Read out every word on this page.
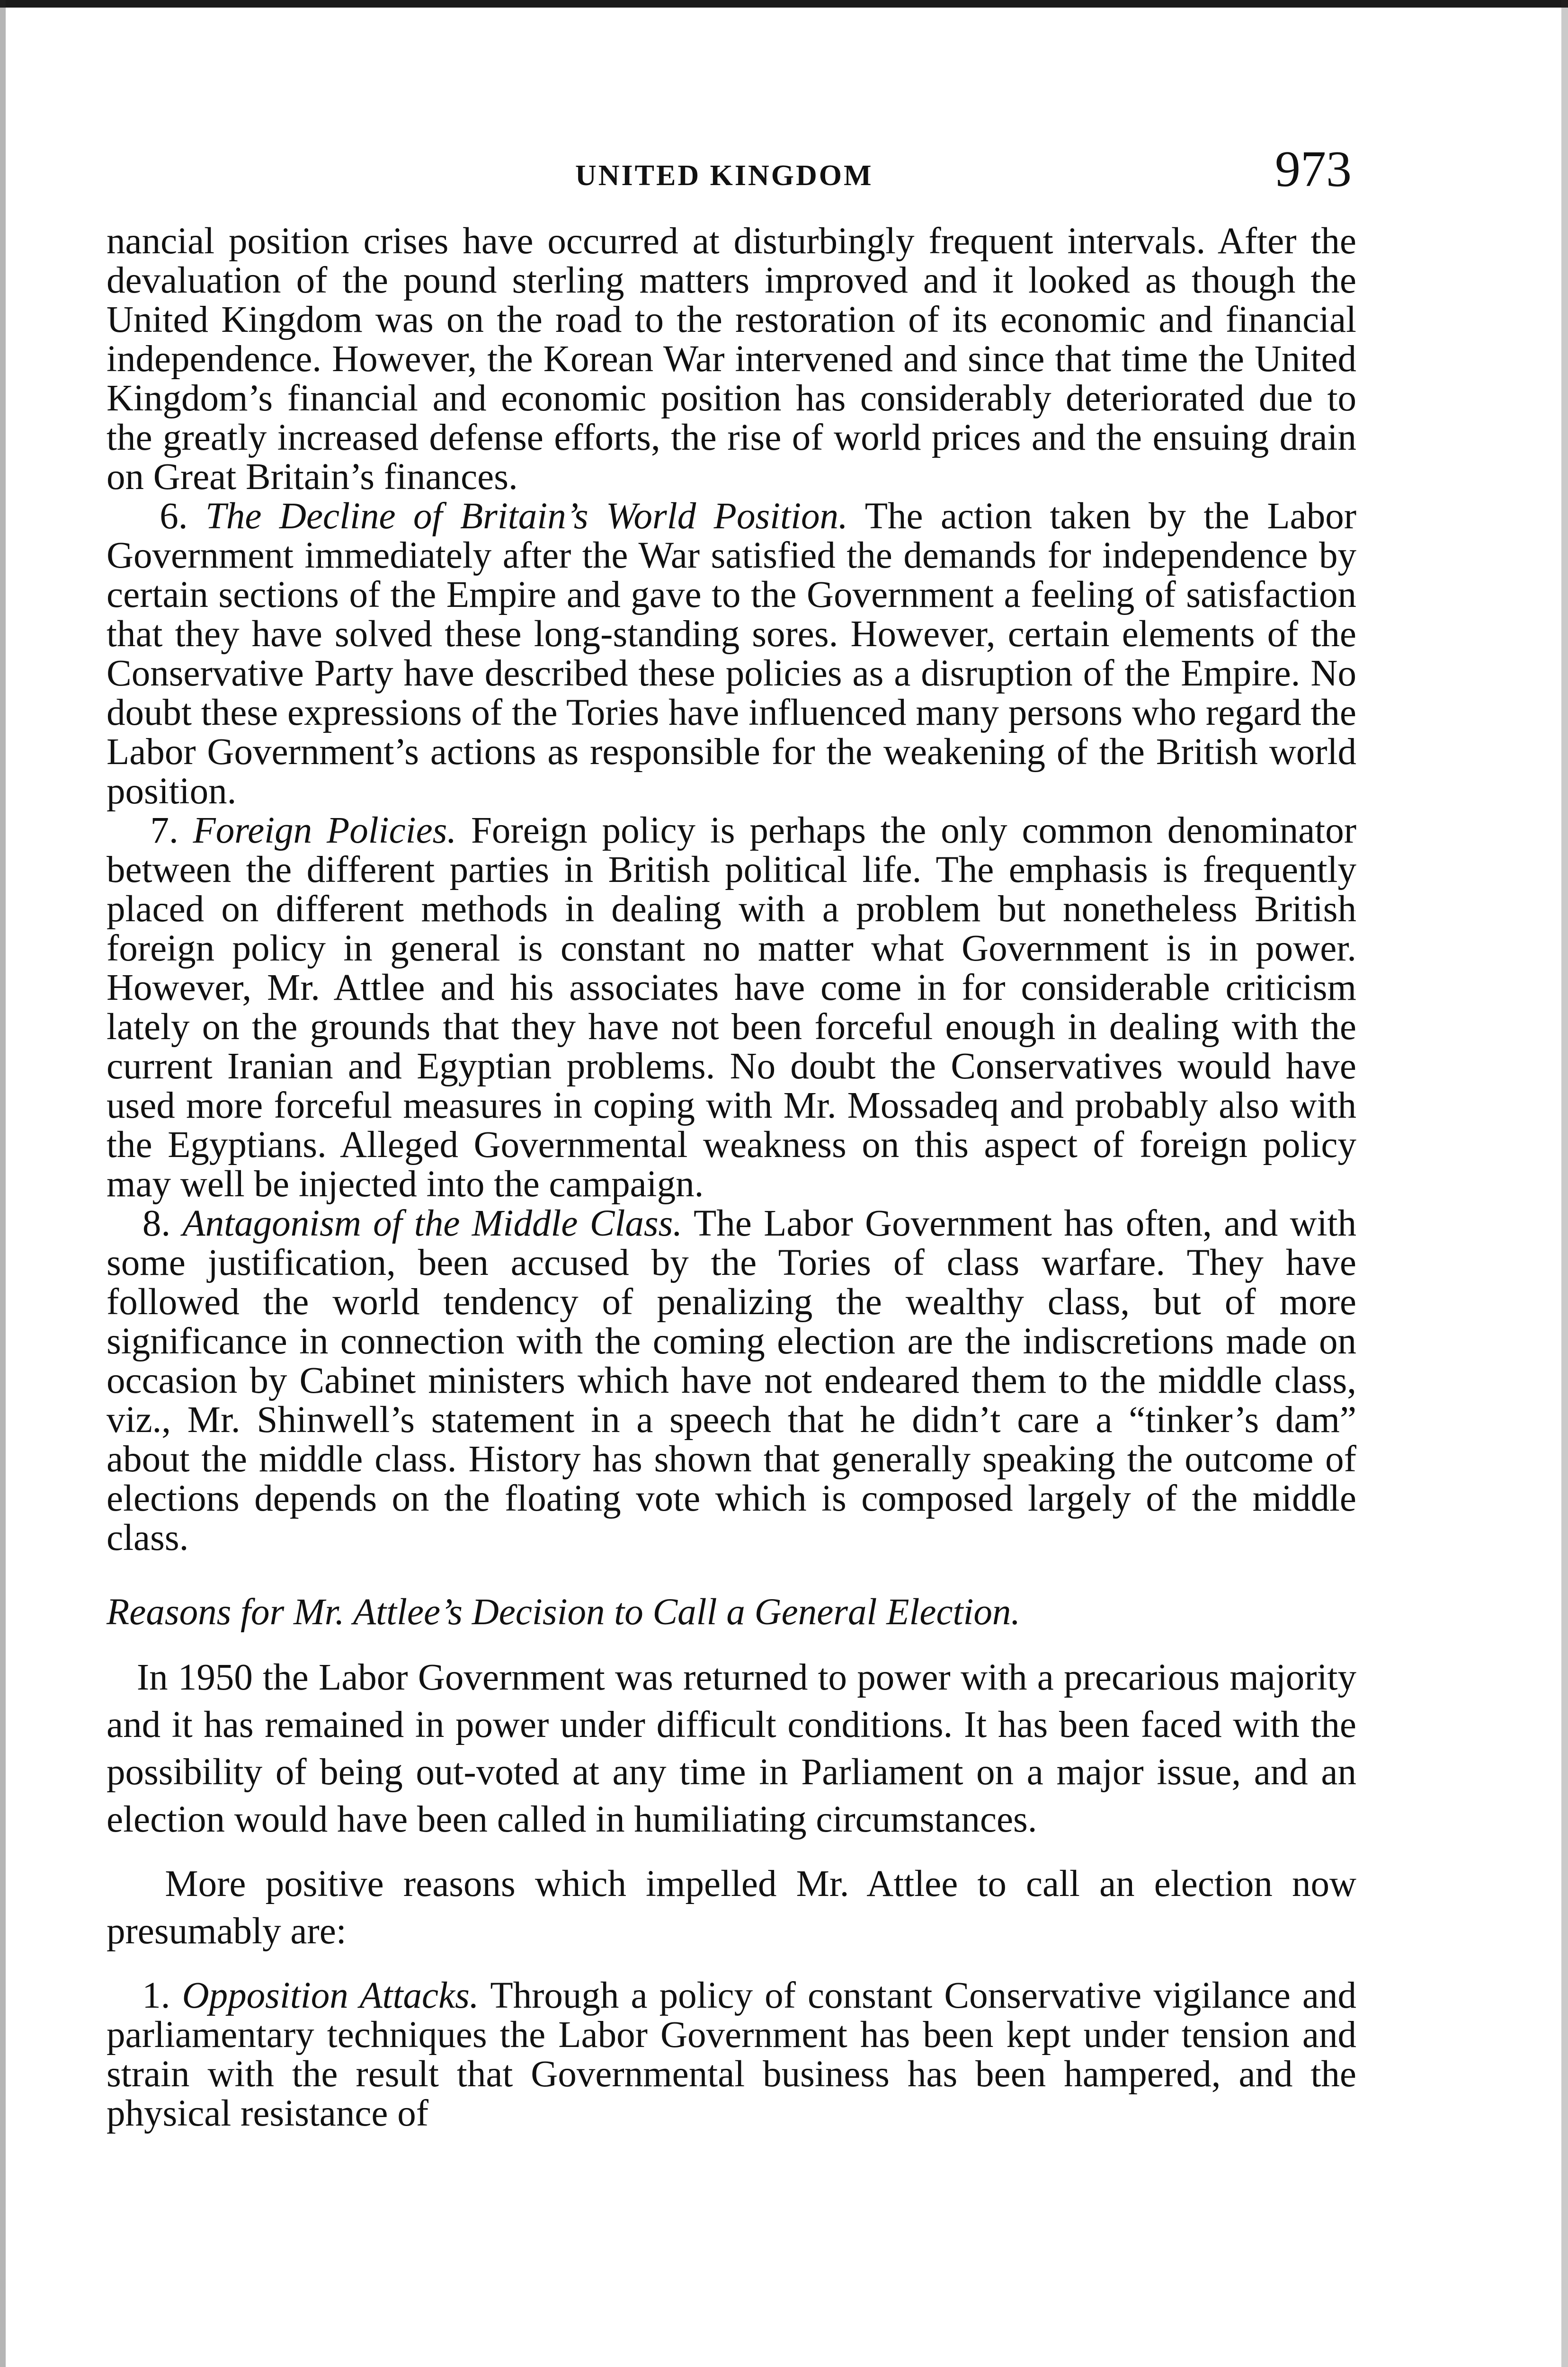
UNITED KINGDOM	973

nancial position crises have occurred at disturbingly frequent intervals. After the devaluation of the pound sterling matters improved and it looked as though the United Kingdom was on the road to the restoration of its economic and financial independence. However, the Korean War intervened and since that time the United Kingdom’s financial and economic position has considerably deteriorated due to the greatly increased defense efforts, the rise of world prices and the ensuing drain on Great Britain’s finances.

6. The Decline of Britain’s World Position. The action taken by the Labor Government immediately after the War satisfied the demands for independence by certain sections of the Empire and gave to the Government a feeling of satisfaction that they have solved these long-standing sores. However, certain elements of the Conservative Party have described these policies as a disruption of the Empire. No doubt these expressions of the Tories have influenced many persons who regard the Labor Government’s actions as responsible for the weakening of the British world position.

7. Foreign Policies. Foreign policy is perhaps the only common denominator between the different parties in British political life. The emphasis is frequently placed on different methods in dealing with a problem but nonetheless British foreign policy in general is constant no matter what Government is in power. However, Mr. Attlee and his associates have come in for considerable criticism lately on the grounds that they have not been forceful enough in dealing with the current Iranian and Egyptian problems. No doubt the Conservatives would have used more forceful measures in coping with Mr. Mossadeq and probably also with the Egyptians. Alleged Governmental weakness on this aspect of foreign policy may well be injected into the campaign.

8. Antagonism of the Middle Class. The Labor Government has often, and with some justification, been accused by the Tories of class warfare. They have followed the world tendency of penalizing the wealthy class, but of more significance in connection with the coming election are the indiscretions made on occasion by Cabinet ministers which have not endeared them to the middle class, viz., Mr. Shinwell’s statement in a speech that he didn’t care a “tinker’s dam” about the middle class. History has shown that generally speaking the outcome of elections depends on the floating vote which is composed largely of the middle class.

Reasons for Mr. Attlee’s Decision to Call a General Election.

In 1950 the Labor Government was returned to power with a precarious majority and it has remained in power under difficult conditions. It has been faced with the possibility of being out-voted at any time in Parliament on a major issue, and an election would have been called in humiliating circumstances.

More positive reasons which impelled Mr. Attlee to call an election now presumably are:

1. Opposition Attacks. Through a policy of constant Conservative vigilance and parliamentary techniques the Labor Government has been kept under tension and strain with the result that Governmental business has been hampered, and the physical resistance of
